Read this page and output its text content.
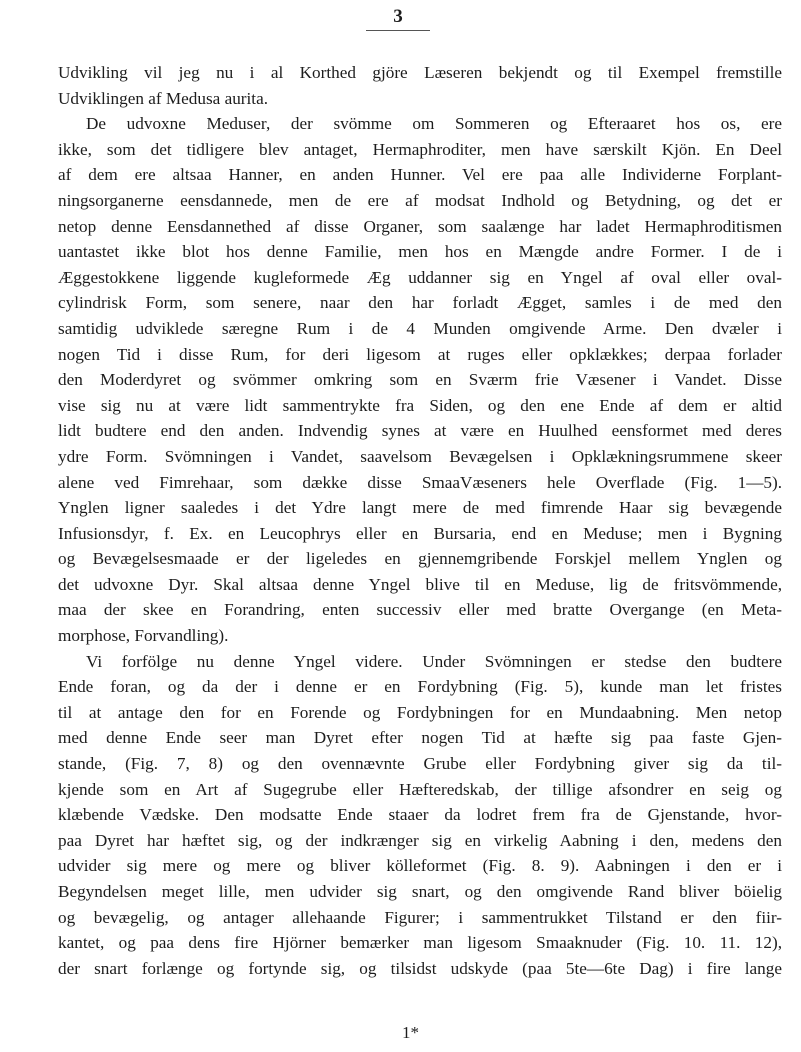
3
Udvikling vil jeg nu i al Korthed gjöre Læseren bekjendt og til Exempel fremstille
Udviklingen af Medusa aurita.
De udvoxne Meduser, der svömme om Sommeren og Efteraaret hos os, ere
ikke, som det tidligere blev antaget, Hermaphroditer, men have særskilt Kjön. En Deel
af dem ere altsaa Hanner, en anden Hunner. Vel ere paa alle Individerne Forplant-
ningsorganerne eensdannede, men de ere af modsat Indhold og Betydning, og det er
netop denne Eensdannethed af disse Organer, som saalænge har ladet Hermaphroditismen
uantastet ikke blot hos denne Familie, men hos en Mængde andre Former. I de i
Æggestokkene liggende kugleformede Æg uddanner sig en Yngel af oval eller oval-
cylindrisk Form, som senere, naar den har forladt Ægget, samles i de med den
samtidig udviklede særegne Rum i de 4 Munden omgivende Arme. Den dvæler i
nogen Tid i disse Rum, for deri ligesom at ruges eller opklækkes; derpaa forlader
den Moderdyret og svömmer omkring som en Sværm frie Væsener i Vandet. Disse
vise sig nu at være lidt sammentrykte fra Siden, og den ene Ende af dem er altid
lidt budtere end den anden. Indvendig synes at være en Huulhed eensformet med deres
ydre Form. Svömningen i Vandet, saavelsom Bevægelsen i Opklækningsrummene skeer
alene ved Fimrehaar, som dække disse SmaaVæseners hele Overflade (Fig. 1—5).
Ynglen ligner saaledes i det Ydre langt mere de med fimrende Haar sig bevægende
Infusionsdyr, f. Ex. en Leucophrys eller en Bursaria, end en Meduse; men i Bygning
og Bevægelsesmaade er der ligeledes en gjennemgribende Forskjel mellem Ynglen og
det udvoxne Dyr. Skal altsaa denne Yngel blive til en Meduse, lig de fritsvömmende,
maa der skee en Forandring, enten successiv eller med bratte Overgange (en Meta-
morphose, Forvandling).
Vi forfölge nu denne Yngel videre. Under Svömningen er stedse den budtere
Ende foran, og da der i denne er en Fordybning (Fig. 5), kunde man let fristes
til at antage den for en Forende og Fordybningen for en Mundaabning. Men netop
med denne Ende seer man Dyret efter nogen Tid at hæfte sig paa faste Gjen-
stande, (Fig. 7, 8) og den ovennævnte Grube eller Fordybning giver sig da til-
kjende som en Art af Sugegrube eller Hæfteredskab, der tillige afsondrer en seig og
klæbende Vædske. Den modsatte Ende staaer da lodret frem fra de Gjenstande, hvor-
paa Dyret har hæftet sig, og der indkrænger sig en virkelig Aabning i den, medens den
udvider sig mere og mere og bliver kölleformet (Fig. 8. 9). Aabningen i den er i
Begyndelsen meget lille, men udvider sig snart, og den omgivende Rand bliver böielig
og bevægelig, og antager allehaande Figurer; i sammentrukket Tilstand er den fiir-
kantet, og paa dens fire Hjörner bemærker man ligesom Smaaknuder (Fig. 10. 11. 12),
der snart forlænge og fortynde sig, og tilsidst udskyde (paa 5te—6te Dag) i fire lange
1*
